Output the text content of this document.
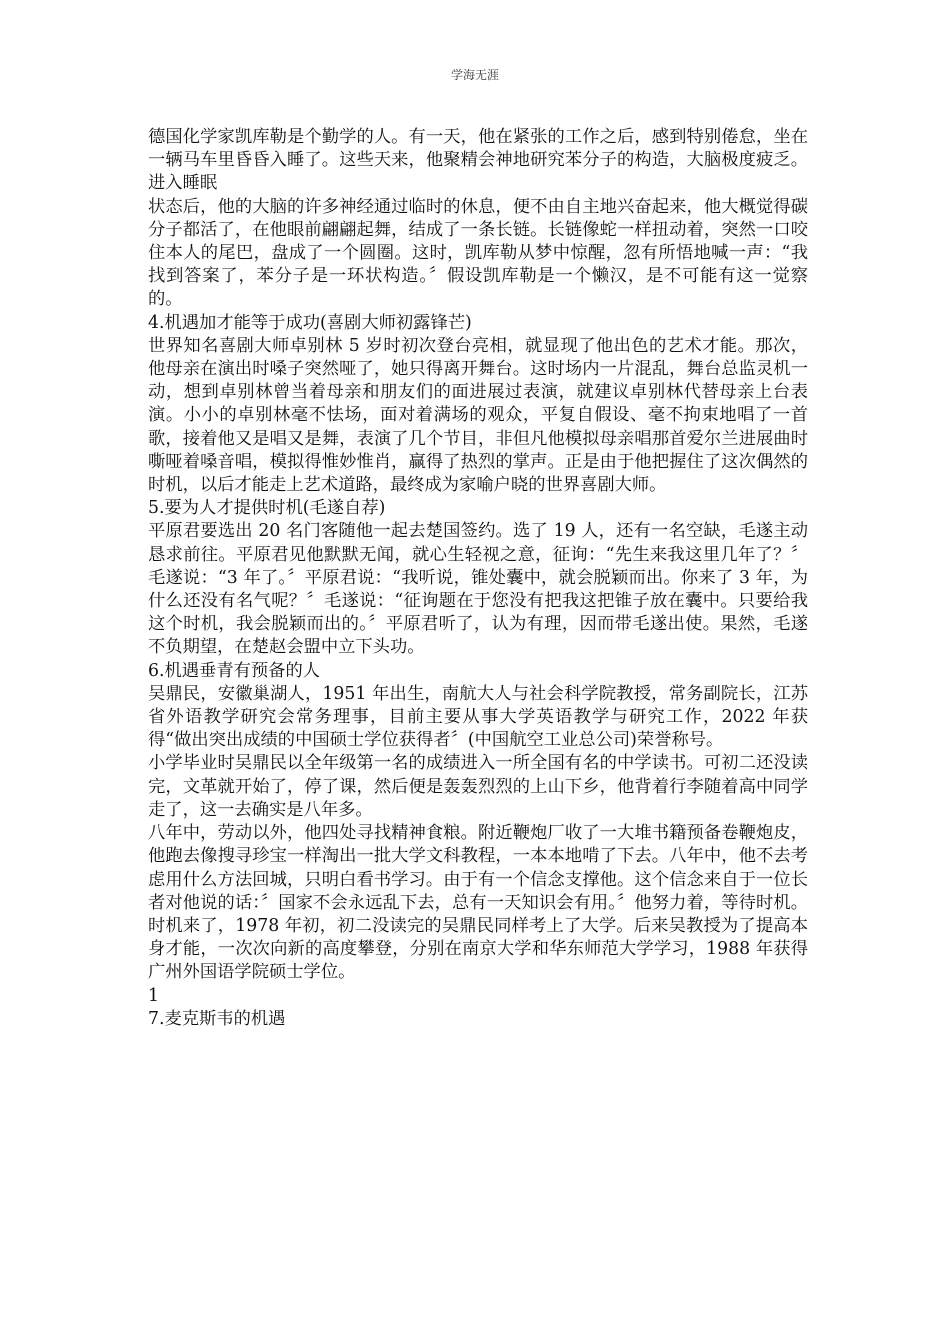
学海无涯

德国化学家凯库勒是个勤学的人。有一天，他在紧张的工作之后，感到特别倦怠，坐在一辆马车里昏昏入睡了。这些天来，他聚精会神地研究苯分子的构造，大脑极度疲乏。进入睡眠

状态后，他的大脑的许多神经通过临时的休息，便不由自主地兴奋起来，他大概觉得碳分子都活了，在他眼前翩翩起舞，结成了一条长链。长链像蛇一样扭动着，突然一口咬住本人的尾巴，盘成了一个圆圈。这时，凯库勒从梦中惊醒，忽有所悟地喊一声：“我找到答案了，苯分子是一环状构造。〞假设凯库勒是一个懒汉，是不可能有这一觉察的。

4.机遇加才能等于成功(喜剧大师初露锋芒)

世界知名喜剧大师卓别林 5 岁时初次登台亮相，就显现了他出色的艺术才能。那次，他母亲在演出时嗓子突然哑了，她只得离开舞台。这时场内一片混乱，舞台总监灵机一动，想到卓别林曾当着母亲和朋友们的面进展过表演，就建议卓别林代替母亲上台表演。小小的卓别林毫不怯场，面对着满场的观众，平复自假设、毫不拘束地唱了一首歌，接着他又是唱又是舞，表演了几个节目，非但凡他模拟母亲唱那首爱尔兰进展曲时嘶哑着嗓音唱，模拟得惟妙惟肖，赢得了热烈的掌声。正是由于他把握住了这次偶然的时机，以后才能走上艺术道路，最终成为家喻户晓的世界喜剧大师。

5.要为人才提供时机(毛遂自荐)

平原君要选出 20 名门客随他一起去楚国签约。选了 19 人，还有一名空缺，毛遂主动恳求前往。平原君见他默默无闻，就心生轻视之意，征询：“先生来我这里几年了？〞毛遂说：“3 年了。〞平原君说：“我听说，锥处囊中，就会脱颖而出。你来了 3 年，为什么还没有名气呢？〞毛遂说：“征询题在于您没有把我这把锥子放在囊中。只要给我这个时机，我会脱颖而出的。〞平原君听了，认为有理，因而带毛遂出使。果然，毛遂不负期望，在楚赵会盟中立下头功。

6.机遇垂青有预备的人

吴鼎民，安徽巢湖人，1951 年出生，南航大人与社会科学院教授，常务副院长，江苏省外语教学研究会常务理事，目前主要从事大学英语教学与研究工作，2022 年获得“做出突出成绩的中国硕士学位获得者〞(中国航空工业总公司)荣誉称号。

小学毕业时吴鼎民以全年级第一名的成绩进入一所全国有名的中学读书。可初二还没读完，文革就开始了，停了课，然后便是轰轰烈烈的上山下乡，他背着行李随着高中同学走了，这一去确实是八年多。

八年中，劳动以外，他四处寻找精神食粮。附近鞭炮厂收了一大堆书籍预备卷鞭炮皮，他跑去像搜寻珍宝一样淘出一批大学文科教程，一本本地啃了下去。八年中，他不去考虑用什么方法回城，只明白看书学习。由于有一个信念支撑他。这个信念来自于一位长者对他说的话：〞国家不会永远乱下去，总有一天知识会有用。〞他努力着，等待时机。时机来了，1978 年初，初二没读完的吴鼎民同样考上了大学。后来吴教授为了提高本身才能，一次次向新的高度攀登，分别在南京大学和华东师范大学学习，1988 年获得广州外国语学院硕士学位。

1

7.麦克斯韦的机遇
